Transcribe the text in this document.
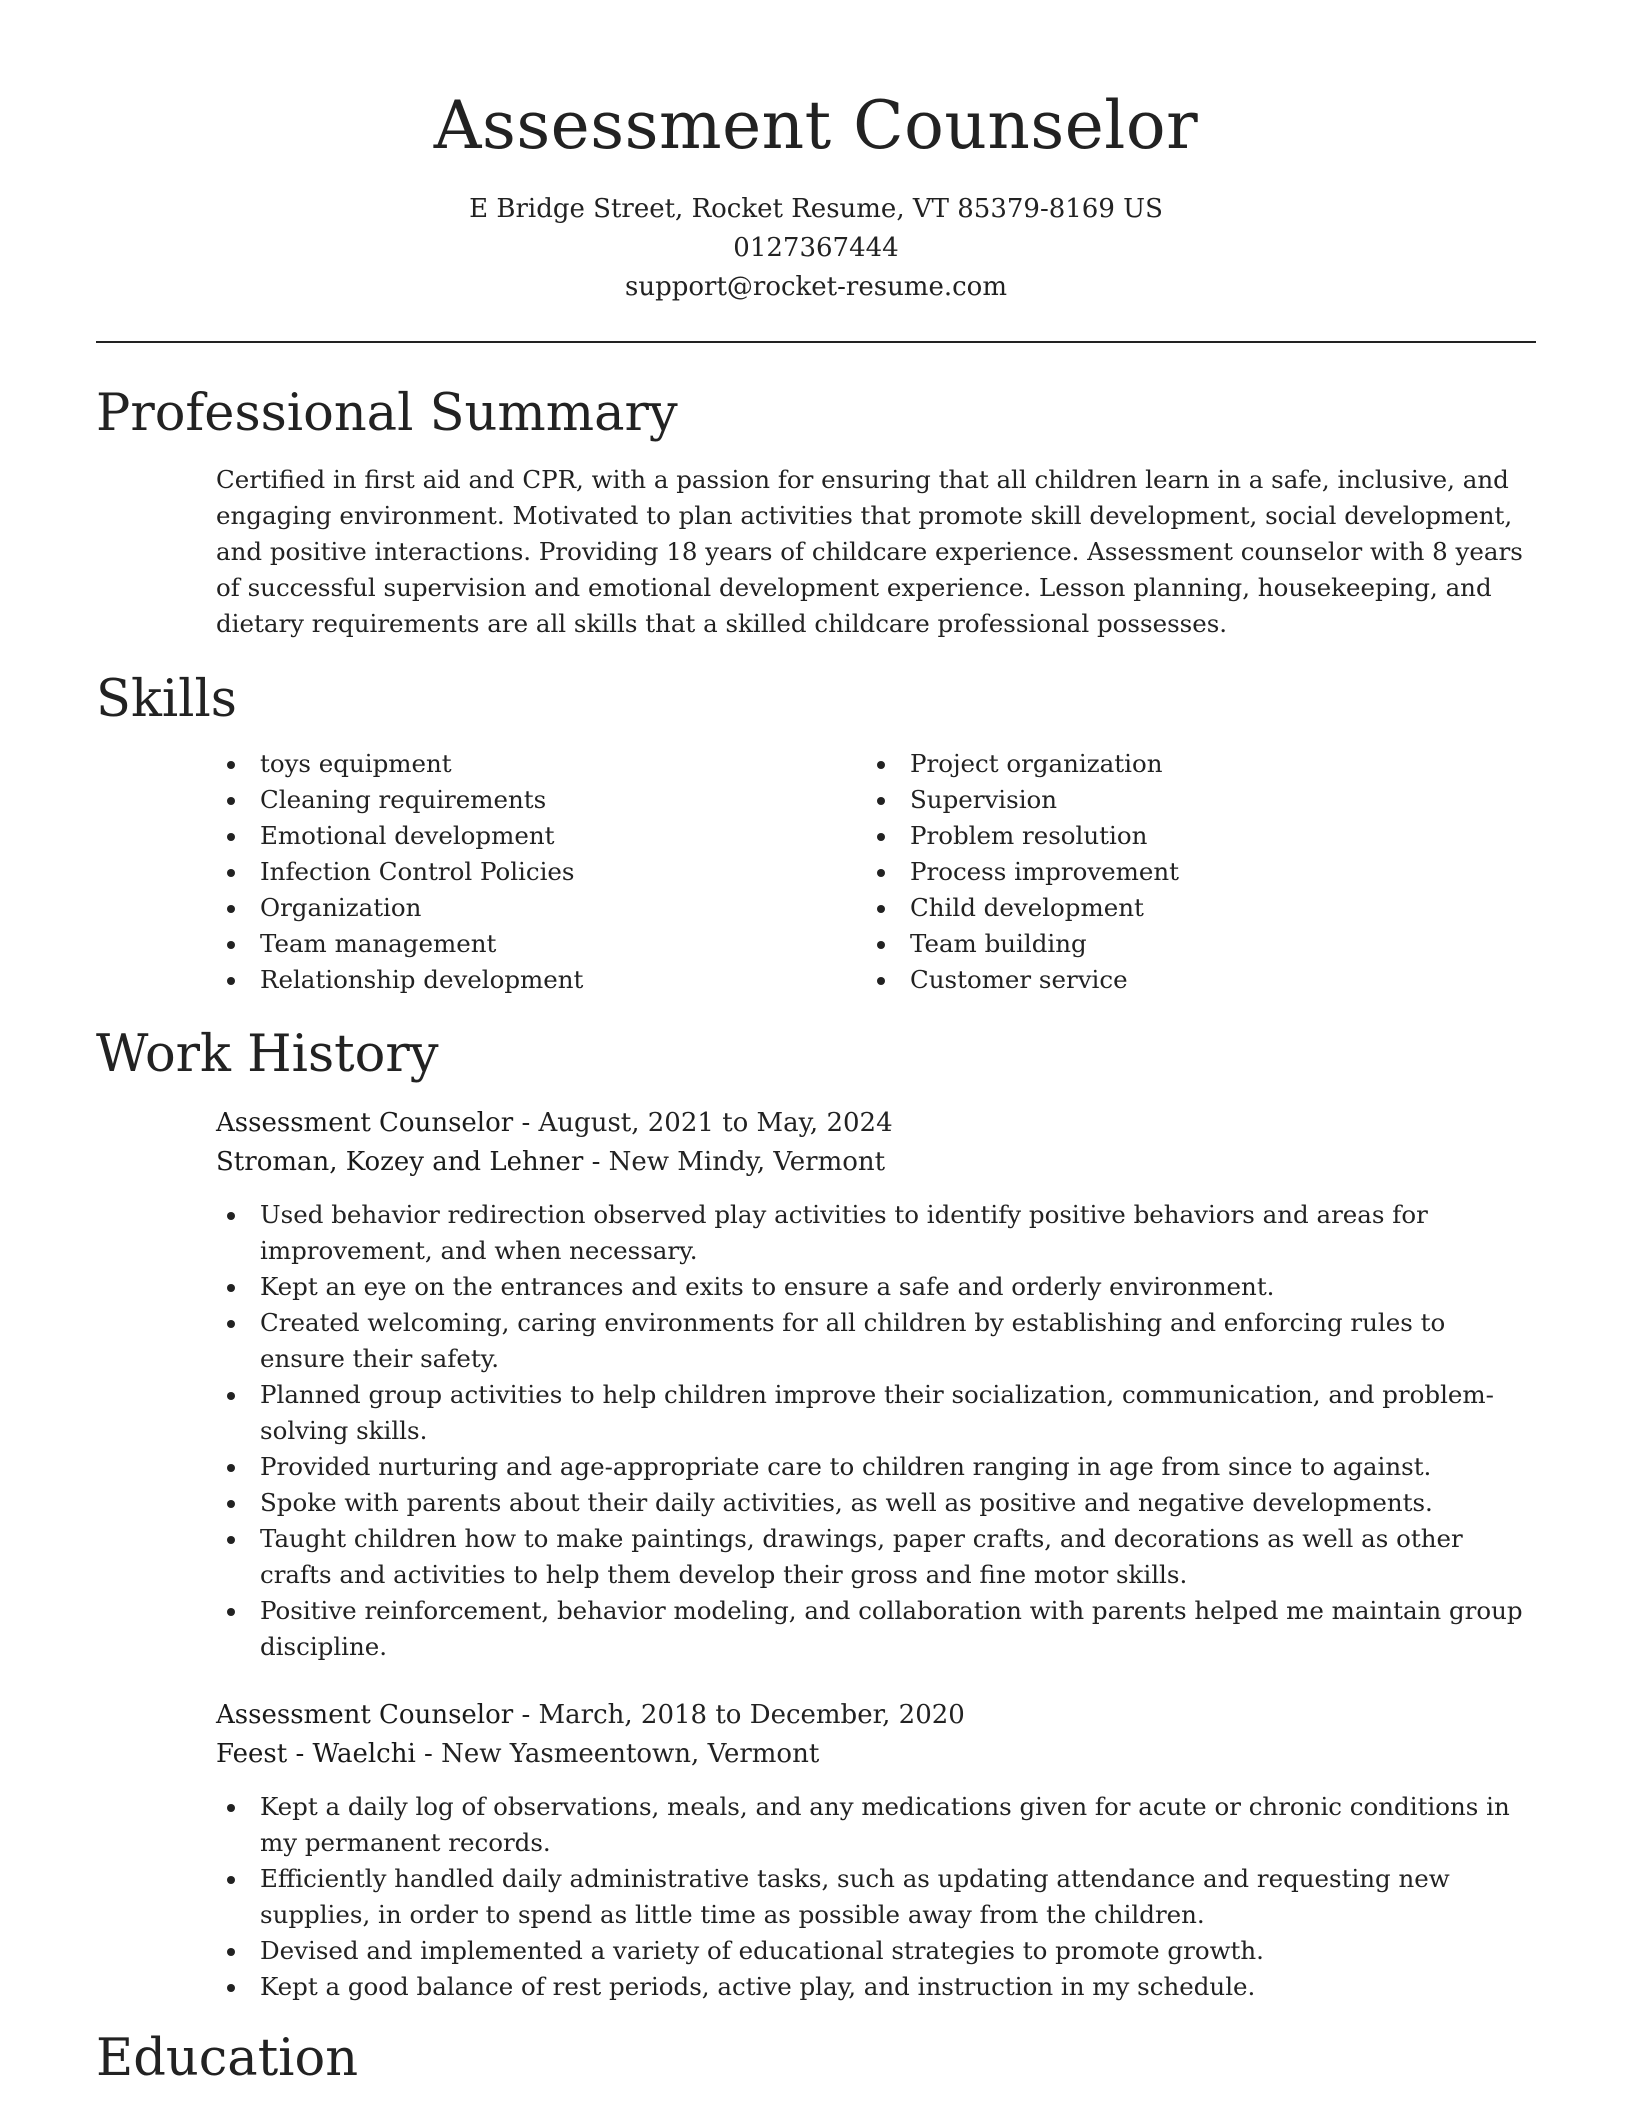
Assessment Counselor
E Bridge Street, Rocket Resume, VT 85379-8169 US
0127367444
support@rocket-resume.com
Professional Summary

Certified in first aid and CPR, with a passion for ensuring that all children learn in a safe, inclusive, and engaging environment. Motivated to plan activities that promote skill development, social development, and positive interactions. Providing 18 years of childcare experience. Assessment counselor with 8 years of successful supervision and emotional development experience. Lesson planning, housekeeping, and dietary requirements are all skills that a skilled childcare professional possesses.

Skills
toys equipment
Cleaning requirements
Emotional development
Infection Control Policies
Organization
Team management
Relationship development
Project organization
Supervision
Problem resolution
Process improvement
Child development
Team building
Customer service
Work History
Assessment Counselor - August, 2021 to May, 2024
Stroman, Kozey and Lehner - New Mindy, Vermont
Used behavior redirection observed play activities to identify positive behaviors and areas for improvement, and when necessary.
Kept an eye on the entrances and exits to ensure a safe and orderly environment.
Created welcoming, caring environments for all children by establishing and enforcing rules to ensure their safety.
Planned group activities to help children improve their socialization, communication, and problem-solving skills.
Provided nurturing and age-appropriate care to children ranging in age from since to against.
Spoke with parents about their daily activities, as well as positive and negative developments.
Taught children how to make paintings, drawings, paper crafts, and decorations as well as other crafts and activities to help them develop their gross and fine motor skills.
Positive reinforcement, behavior modeling, and collaboration with parents helped me maintain group discipline.
Assessment Counselor - March, 2018 to December, 2020
Feest - Waelchi - New Yasmeentown, Vermont
Kept a daily log of observations, meals, and any medications given for acute or chronic conditions in my permanent records.
Efficiently handled daily administrative tasks, such as updating attendance and requesting new supplies, in order to spend as little time as possible away from the children.
Devised and implemented a variety of educational strategies to promote growth.
Kept a good balance of rest periods, active play, and instruction in my schedule.
Education
